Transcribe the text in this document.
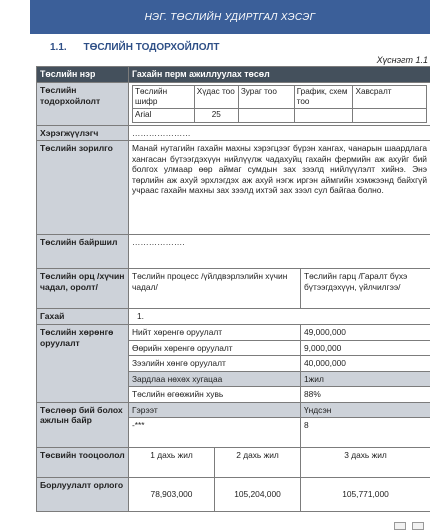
НЭГ. ТӨСЛИЙН УДИРТГАЛ ХЭСЭГ
1.1. ТӨСЛИЙН ТОДОРХОЙЛОЛТ
Хүснэгт 1.1
Төслийн нэр	Гахайн перм ажиллуулах төсөл
Төслийн тодорхойлолт	
Төслийн шифр	Хүдас тоо	Зураг тоо	График, схем тоо	Хавсралт
Arial	25			

Хэрэгжүүлэгч	…………………
Төслийн зорилго	Манай нутагийн гахайн махны хэрэгцээг бүрэн хангах, чанарын шаардлага хангасан бүтээгдэхүүн нийлүүлж чадахуйц гахайн фермийн аж ахуйг бий болгох улмаар өөр аймаг сумдын зах зээлд нийлүүлэлт хийнэ. Энэ төрлийн аж ахуй эрхлэгдэх аж ахуй нэгж иргэн аймгийн хэмжээнд байхгүй учраас гахайн махны зах зээлд ихтэй зах зээл сул байгаа болно.
Төслийн байршил	……………….
Төслийн орц /хүчин чадал, оролт/	Төслийн процесс /үйлдвэрлэлийн хүчин чадал/	Төслийн гарц /Гаралт бүхэ бүтээгдэхүүн, үйлчилгээ/
Гахай	1.
Төслийн хөрөнгө оруулалт	Нийт хөренгө оруулалт	49,000,000
Өөрийн хөренгө оруулалт	9,000,000
Зээлийн хөнгө оруулалт	40,000,000
Зардлаа нөхөх хугацаа	1жил
Төслийн өгөөжийн хувь	88%
Төслөөр бий болох ажлын байр	Гэрээт	Үндсэн
-***	8
Төсвийн тооцоолол	1 дахь жил	2 дахь жил	3 дахь жил
Борлуулалт орлого	78,903,000	105,204,000	105,771,000
